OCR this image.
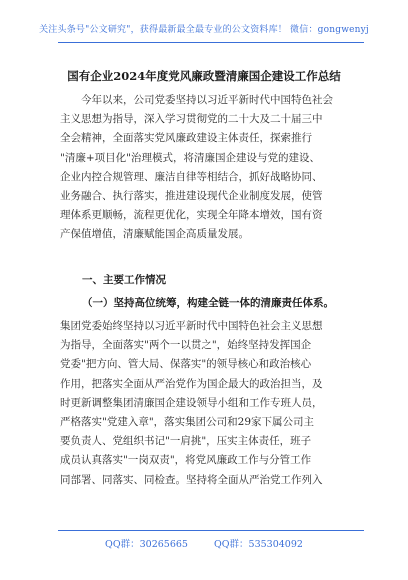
关注头条号"公文研究"，获得最新最全最专业的公文资料库！ 微信：gongwenyj
国有企业2024年度党风廉政暨清廉国企建设工作总结
　　今年以来，公司党委坚持以习近平新时代中国特色社会
主义思想为指导，深入学习贯彻党的二十大及二十届三中
全会精神，全面落实党风廉政建设主体责任，探索推行
"清廉+项目化"治理模式，将清廉国企建设与党的建设、
企业内控合规管理、廉洁自律等相结合，抓好战略协同、
业务融合、执行落实，推进建设现代企业制度发展，使管
理体系更顺畅，流程更优化，实现全年降本增效，国有资
产保值增值，清廉赋能国企高质量发展。
一、主要工作情况
（一）坚持高位统筹，构建全链一体的清廉责任体系。
集团党委始终坚持以习近平新时代中国特色社会主义思想
为指导，全面落实"两个一以贯之"，始终坚持发挥国企
党委"把方向、管大局、保落实"的领导核心和政治核心
作用，把落实全面从严治党作为国企最大的政治担当，及
时更新调整集团清廉国企建设领导小组和工作专班人员，
严格落实"党建入章"，落实集团公司和29家下属公司主
要负责人、党组织书记"一肩挑"，压实主体责任，班子
成员认真落实"一岗双责"，将党风廉政工作与分管工作
同部署、同落实、同检查。坚持将全面从严治党工作列入
QQ群：30265665	QQ群：535304092
